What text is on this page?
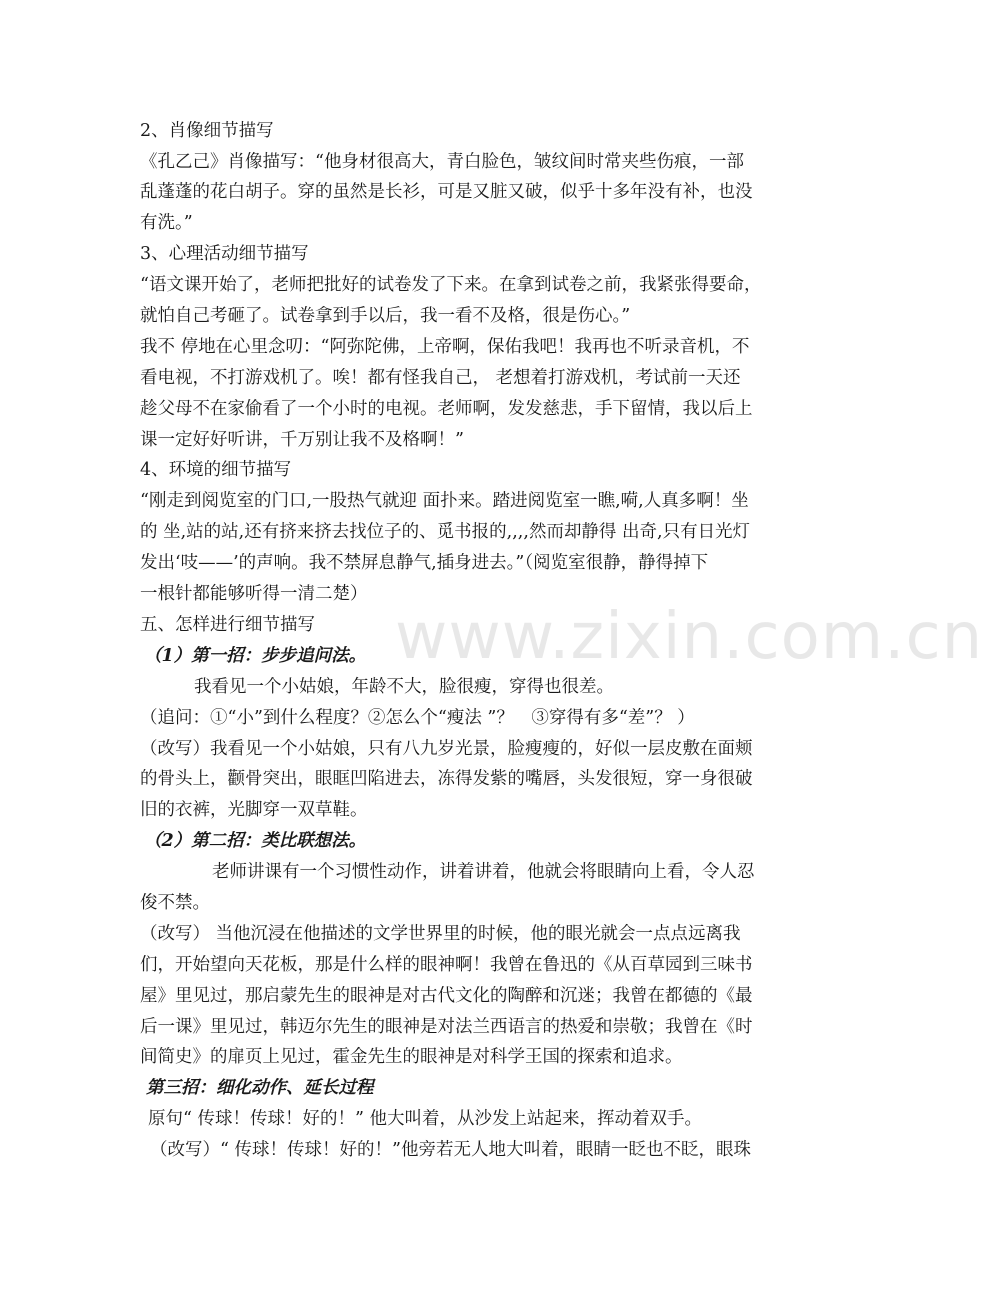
www.zixin.com.cn
2、肖像细节描写
《孔乙己》肖像描写：“他身材很高大，青白脸色，皱纹间时常夹些伤痕，一部
乱蓬蓬的花白胡子。穿的虽然是长衫，可是又脏又破，似乎十多年没有补，也没
有洗。”
3、心理活动细节描写
“语文课开始了，老师把批好的试卷发了下来。在拿到试卷之前，我紧张得要命，
就怕自己考砸了。试卷拿到手以后，我一看不及格，很是伤心。”
我不 停地在心里念叨：“阿弥陀佛，上帝啊，保佑我吧！我再也不听录音机，不
看电视，不打游戏机了。唉！都有怪我自己， 老想着打游戏机，考试前一天还
趁父母不在家偷看了一个小时的电视。老师啊，发发慈悲，手下留情，我以后上
课一定好好听讲，千万别让我不及格啊！”
4、环境的细节描写
“刚走到阅览室的门口,一股热气就迎 面扑来。踏进阅览室一瞧,嗬,人真多啊！坐
的 坐,站的站,还有挤来挤去找位子的、觅书报的,,,,然而却静得 出奇,只有日光灯
发出‘吱——’的声响。我不禁屏息静气,插身进去。”（阅览室很静，静得掉下
一根针都能够听得一清二楚）
五、怎样进行细节描写
（1）第一招：步步追问法。
我看见一个小姑娘，年龄不大，脸很瘦，穿得也很差。
（追问：①“小”到什么程度？②怎么个“瘦法 ”？　③穿得有多“差”？ ）
（改写）我看见一个小姑娘，只有八九岁光景，脸瘦瘦的，好似一层皮敷在面颊
的骨头上，颧骨突出，眼眶凹陷进去，冻得发紫的嘴唇，头发很短，穿一身很破
旧的衣裤，光脚穿一双草鞋。
（2）第二招：类比联想法。
老师讲课有一个习惯性动作，讲着讲着，他就会将眼睛向上看，令人忍
俊不禁。
（改写） 当他沉浸在他描述的文学世界里的时候，他的眼光就会一点点远离我
们，开始望向天花板，那是什么样的眼神啊！我曾在鲁迅的《从百草园到三味书
屋》里见过，那启蒙先生的眼神是对古代文化的陶醉和沉迷；我曾在都德的《最
后一课》里见过，韩迈尔先生的眼神是对法兰西语言的热爱和崇敬；我曾在《时
间简史》的扉页上见过，霍金先生的眼神是对科学王国的探索和追求。
第三招：细化动作、延长过程
原句“ 传球！传球！好的！” 他大叫着，从沙发上站起来，挥动着双手。
（改写）“ 传球！传球！好的！”他旁若无人地大叫着，眼睛一眨也不眨，眼珠
